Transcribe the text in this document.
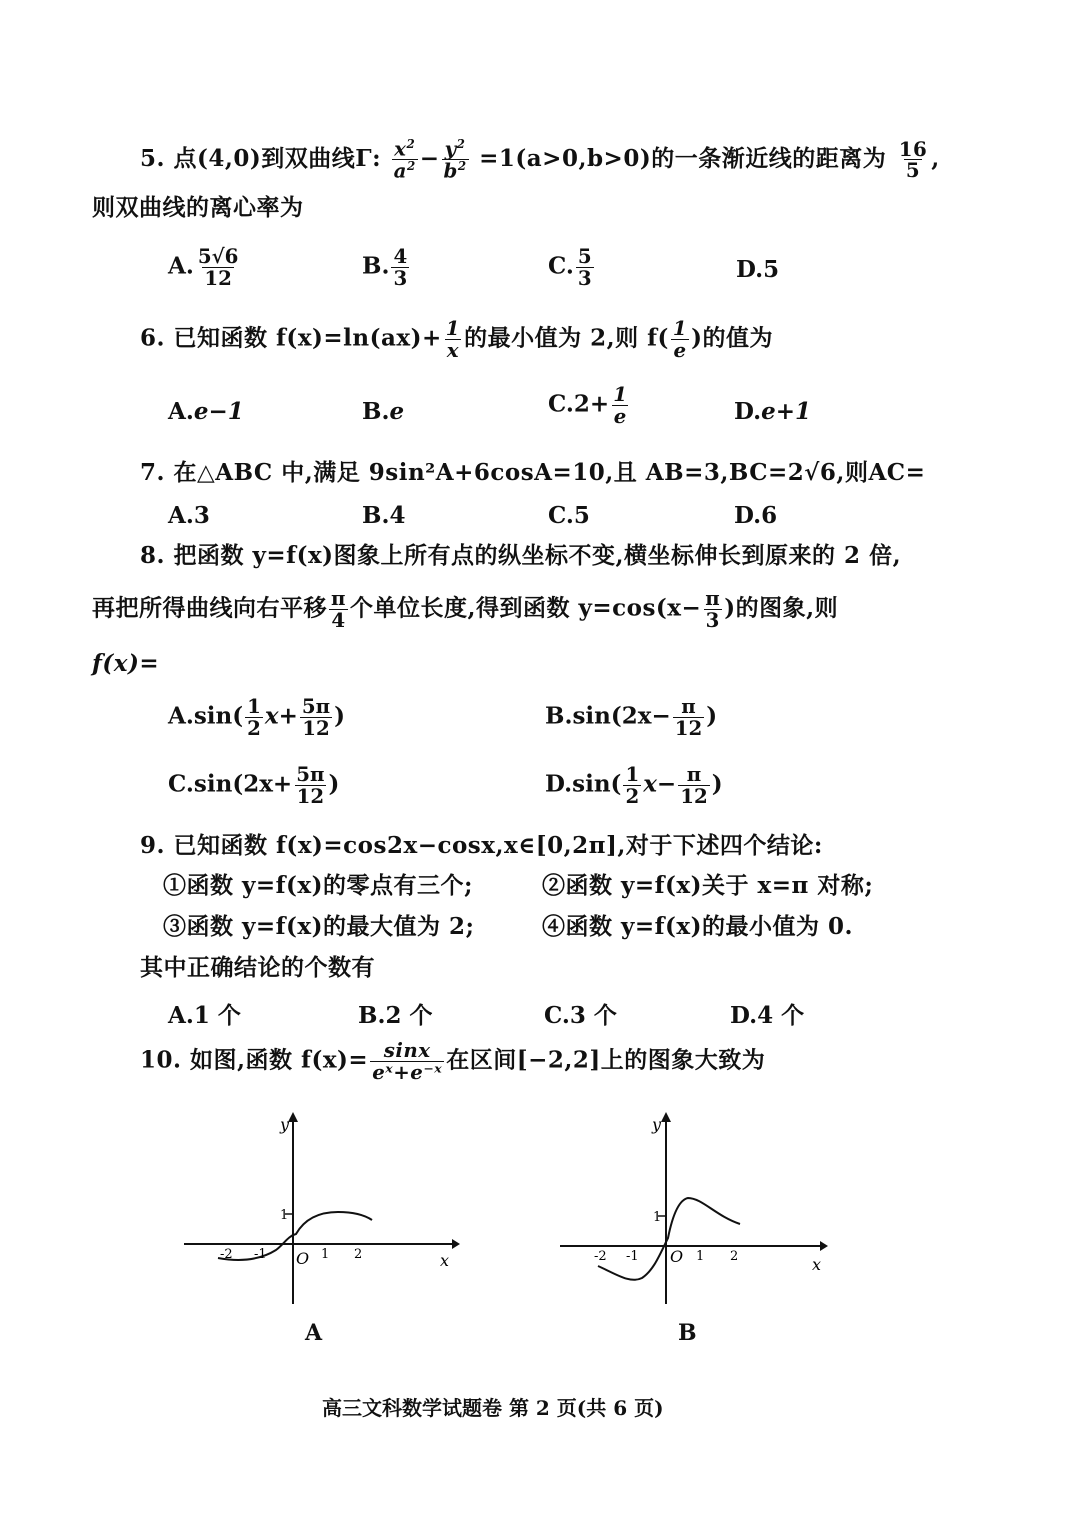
5. 点(4,0)到双曲线Γ: $\frac{x^2}{a^2} - \frac{y^2}{b^2} =1(a>0,b>0)$的一条渐近线的距离为 $\frac{16}{5}$ ,
则双曲线的离心率为
A. $\frac{5√6}{12}$	B. $\frac{4}{3}$	C. $\frac{5}{3}$	D.5
6. 已知函数 $f(x)=\ln(ax)+ \frac{1}{x}$ 的最小值为 2,则 $f( \frac{1}{e}$ )的值为
A.e−1	B.e	$C.2+ \frac{1}{e}$	D.e+1
7. 在△ABC 中,满足 9sin²A+6cosA=10,且 AB=3,BC=2√6,则AC=
A.3	B.4	C.5	D.6
8. 把函数 y=f(x)图象上所有点的纵坐标不变,横坐标伸长到原来的 2 倍,
再把所得曲线向右平移 $\frac{\pi}{4}$ 个单位长度,得到函数 $y=\cos(x- \frac{\pi}{3}$ )的图象,则
f(x)=
$A.\sin( \frac{1}{2} x+ \frac{5\pi}{12}$ )	$B.\sin(2x- \frac{\pi}{12}$ )
$C.\sin(2x+ \frac{5\pi}{12}$ )	$D.\sin( \frac{1}{2} x- \frac{\pi}{12}$ )
9. 已知函数 f(x)=cos2x−cosx,x∈[0,2π],对于下述四个结论:
①函数 y=f(x)的零点有三个;	②函数 y=f(x)关于 x=π 对称;
③函数 y=f(x)的最大值为 2;	④函数 y=f(x)的最小值为 0.
其中正确结论的个数有
A.1 个	B.2 个	C.3 个	D.4 个
10. 如图,函数 $f(x)= \frac{\sin x}{\text{eˣ+e⁻ˣ}}$ 在区间[−2,2]上的图象大致为
y
x
O
-2 -1	1 2
1
A
y
x
O
-2 -1	1 2
1
B
高三文科数学试题卷 第 2 页(共 6 页)
